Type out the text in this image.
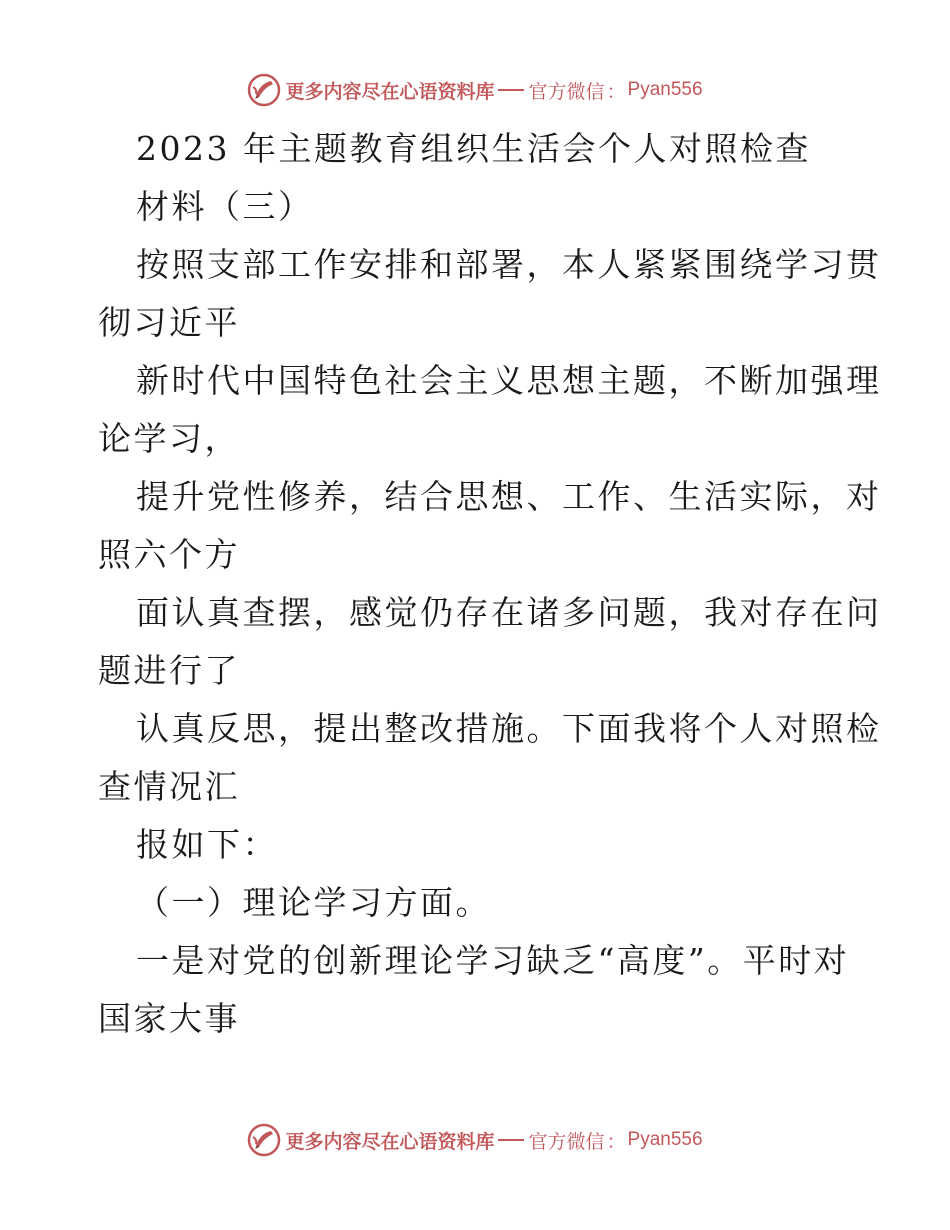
更多内容尽在心语资料库 官方微信 ： Pyan556
2023 年主题教育组织生活会个人对照检查
材料（三）
按照支部工作安排和部署，本人紧紧围绕学习贯
彻习近平
新时代中国特色社会主义思想主题，不断加强理
论学习，
提升党性修养，结合思想、工作、生活实际，对
照六个方
面认真查摆，感觉仍存在诸多问题，我对存在问
题进行了
认真反思，提出整改措施。下面我将个人对照检
查情况汇
报如下：
（一）理论学习方面。
一是对党的创新理论学习缺乏“高度”。平时对
国家大事
更多内容尽在心语资料库 官方微信 ： Pyan556
